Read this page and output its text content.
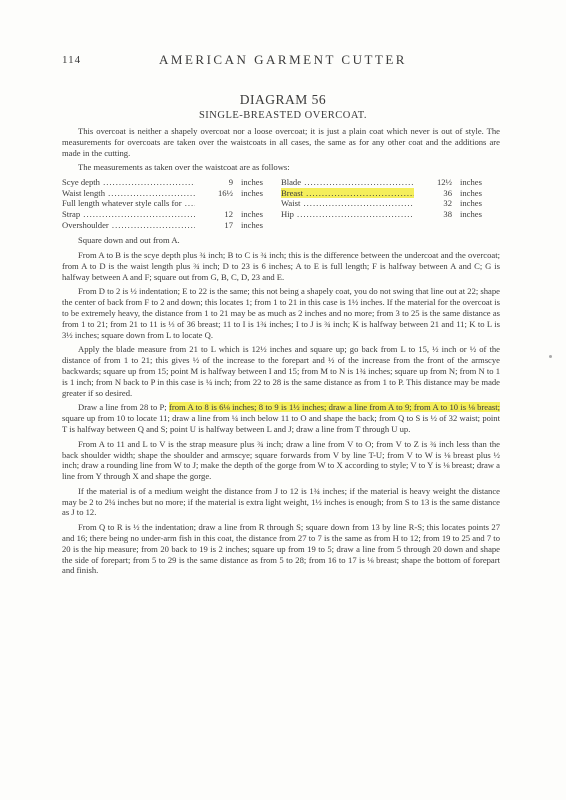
114	AMERICAN GARMENT CUTTER
DIAGRAM 56
SINGLE-BREASTED OVERCOAT.

This overcoat is neither a shapely overcoat nor a loose overcoat; it is just a plain coat which never is out of style. The measurements for overcoats are taken over the waistcoats in all cases, the same as for any other coat and the additions are made in the cutting.

The measurements as taken over the waistcoat are as follows:

Scye depth .....	9 inches	Blade .....	12½ inches
Waist length .....	16½ inches	Breast .....	36 inches
Full length whatever style calls for .....	Waist .....	32 inches
Strap .....	12 inches	Hip .....	38 inches
Overshoulder .....	17 inches

Square down and out from A.

From A to B is the scye depth plus ¾ inch; B to C is ¾ inch; this is the difference between the undercoat and the overcoat; from A to D is the waist length plus ¾ inch; D to 23 is 6 inches; A to E is full length; F is halfway between A and C; G is halfway between A and F; square out from G, B, C, D, 23 and E.

From D to 2 is ½ indentation; E to 22 is the same; this not being a shapely coat, you do not swing that line out at 22; shape the center of back from F to 2 and down; this locates 1; from 1 to 21 in this case is 1½ inches. If the material for the overcoat is to be extremely heavy, the distance from 1 to 21 may be as much as 2 inches and no more; from 3 to 25 is the same distance as from 1 to 21; from 21 to 11 is ⅓ of 36 breast; 11 to I is 1¾ inches; I to J is ¾ inch; K is halfway between 21 and 11; K to L is 3½ inches; square down from L to locate Q.

Apply the blade measure from 21 to L which is 12½ inches and square up; go back from L to 15, ½ inch or ½ of the distance of from 1 to 21; this gives ½ of the increase to the forepart and ½ of the increase from the front of the armscye backwards; square up from 15; point M is halfway between I and 15; from M to N is 1¾ inches; square up from N; from N to 1 is 1 inch; from N back to P in this case is ¼ inch; from 22 to 28 is the same distance as from 1 to P. This distance may be made greater if so desired.

Draw a line from 28 to P; from A to 8 is 6⅛ inches; 8 to 9 is 1½ inches; draw a line from A to 9; from A to 10 is ⅛ breast; square up from 10 to locate 11; draw a line from ¼ inch below 11 to O and shape the back; from Q to S is ½ of 32 waist; point T is halfway between Q and S; point U is halfway between L and J; draw a line from T through U up.

From A to 11 and L to V is the strap measure plus ¾ inch; draw a line from V to O; from V to Z is ¾ inch less than the back shoulder width; shape the shoulder and armscye; square forwards from V by line T-U; from V to W is ⅛ breast plus ½ inch; draw a rounding line from W to J; make the depth of the gorge from W to X according to style; V to Y is ⅛ breast; draw a line from Y through X and shape the gorge.

If the material is of a medium weight the distance from J to 12 is 1¾ inches; if the material is heavy weight the distance may be 2 to 2¼ inches but no more; if the material is extra light weight, 1½ inches is enough; from S to 13 is the same distance as J to 12.

From Q to R is ½ the indentation; draw a line from R through S; square down from 13 by line R-S; this locates points 27 and 16; there being no under-arm fish in this coat, the distance from 27 to 7 is the same as from H to 12; from 19 to 25 and 7 to 20 is the hip measure; from 20 back to 19 is 2 inches; square up from 19 to 5; draw a line from 5 through 20 down and shape the side of forepart; from 5 to 29 is the same distance as from 5 to 28; from 16 to 17 is ⅛ breast; shape the bottom of forepart and finish.
